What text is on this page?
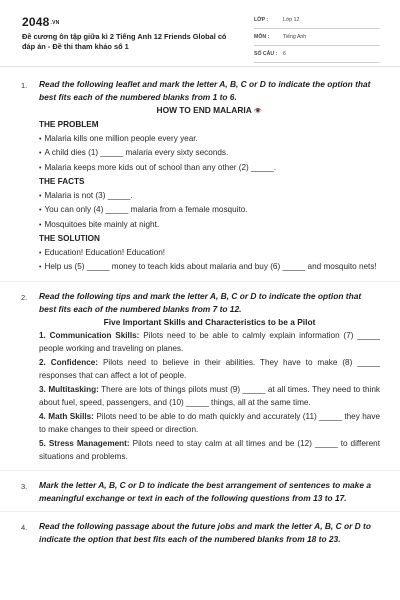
$2048^{.VN}$
Đề cương ôn tập giữa kì 2 Tiếng Anh 12 Friends Global có đáp án - Đề thi tham khảo số 1
LỚP :	Lớp 12
MÔN :	Tiếng Anh
SỐ CÂU : 6
1. Read the following leaflet and mark the letter A, B, C or D to indicate the option that best fits each of the numbered blanks from 1 to 6.

HOW TO END MALARIA 👁️

THE PROBLEM

• Malaria kills one million people every year.

• A child dies (1) _____ malaria every sixty seconds.

• Malaria keeps more kids out of school than any other (2) _____.

THE FACTS

• Malaria is not (3) _____.

• You can only (4) _____ malaria from a female mosquito.

• Mosquitoes bite mainly at night.

THE SOLUTION

• Education! Education! Education!

• Help us (5) _____ money to teach kids about malaria and buy (6) _____ and mosquito nets!

2. Read the following tips and mark the letter A, B, C or D to indicate the option that best fits each of the numbered blanks from 7 to 12.

Five Important Skills and Characteristics to be a Pilot

1. Communication Skills: Pilots need to be able to calmly explain information (7) _____ people working and traveling on planes.

2. Confidence: Pilots need to believe in their abilities. They have to make (8) _____ responses that can affect a lot of people.

3. Multitasking: There are lots of things pilots must (9) _____ at all times. They need to think about fuel, speed, passengers, and (10) _____ things, all at the same time.

4. Math Skills: Pilots need to be able to do math quickly and accurately (11) _____ they have to make changes to their speed or direction.

5. Stress Management: Pilots need to stay calm at all times and be (12) _____ to different situations and problems.

3. Mark the letter A, B, C or D to indicate the best arrangement of sentences to make a meaningful exchange or text in each of the following questions from 13 to 17.

4. Read the following passage about the future jobs and mark the letter A, B, C or D to indicate the option that best fits each of the numbered blanks from 18 to 23.
